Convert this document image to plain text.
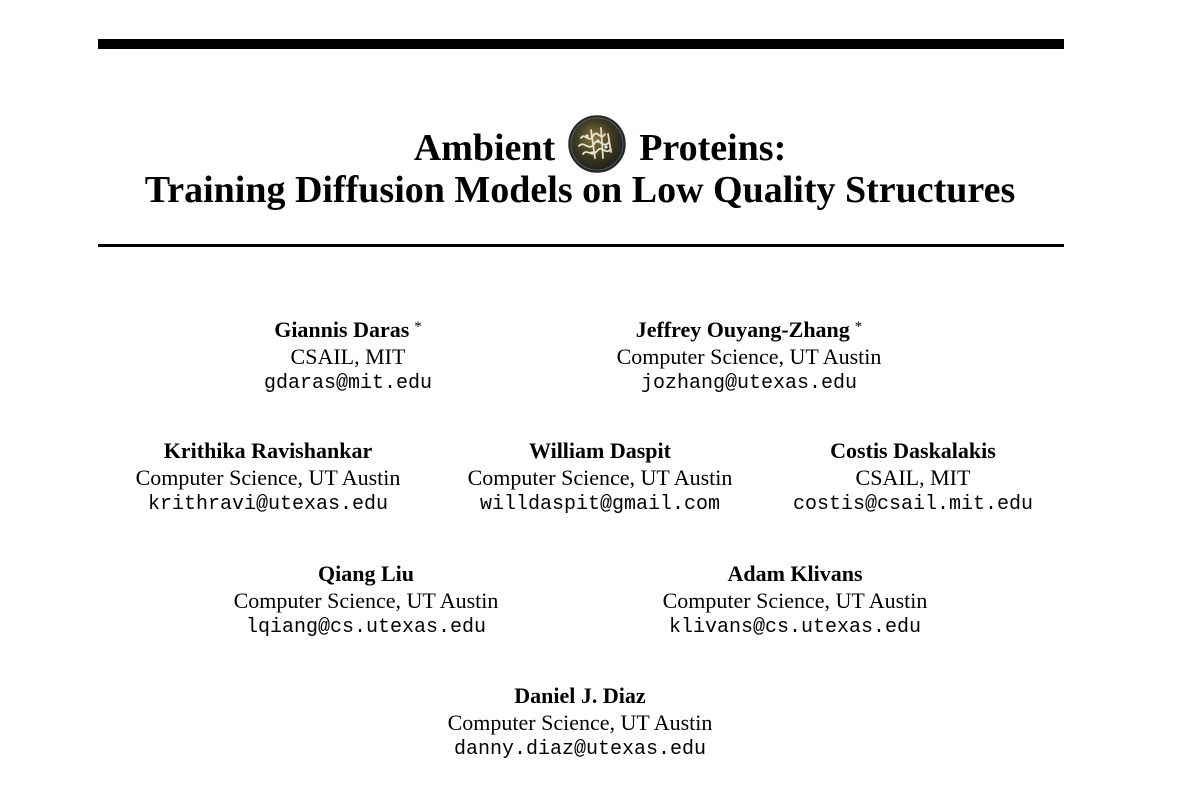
Ambient Proteins:
Training Diffusion Models on Low Quality Structures
Giannis Daras *
CSAIL, MIT
gdaras@mit.edu
Jeffrey Ouyang-Zhang *
Computer Science, UT Austin
jozhang@utexas.edu
Krithika Ravishankar
Computer Science, UT Austin
krithravi@utexas.edu
William Daspit
Computer Science, UT Austin
willdaspit@gmail.com
Costis Daskalakis
CSAIL, MIT
costis@csail.mit.edu
Qiang Liu
Computer Science, UT Austin
lqiang@cs.utexas.edu
Adam Klivans
Computer Science, UT Austin
klivans@cs.utexas.edu
Daniel J. Diaz
Computer Science, UT Austin
danny.diaz@utexas.edu
